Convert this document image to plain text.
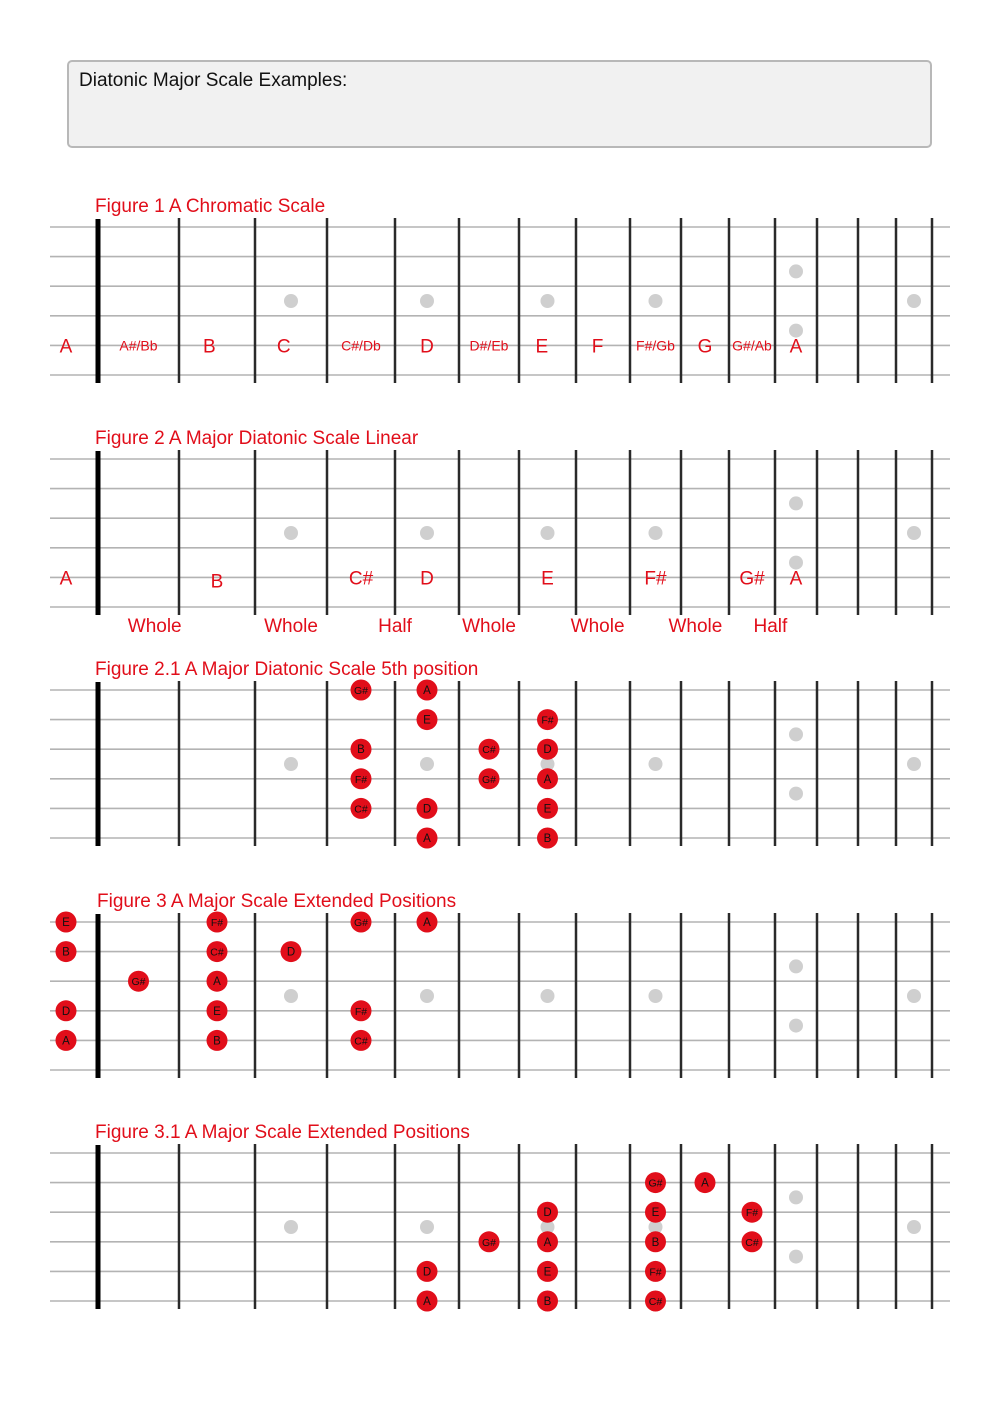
Diatonic Major Scale Examples:
Figure 1 A Chromatic Scale
A	A#/Bb B	C	C#/Db D	D#/Eb E F F#/Gb G G#/Ab A
Figure 2 A Major Diatonic Scale Linear
A	B	C# D	E	F#	G# A
Whole	Whole	Half	Whole	Whole Whole Half
Figure 2.1 A Major Diatonic Scale 5th position
G#	A
E	F#
B	C#	D
F#	G#	A
C#	D	E
A	B
Figure 3 A Major Scale Extended Positions
E
B
D
A
G#
F#
C#
A
E
B
D
G#
F#
C#
A
Figure 3.1 A Major Scale Extended Positions
D
A
G#
D
A
E
B
G#
E
B
F#
C#
A
F#
C#
